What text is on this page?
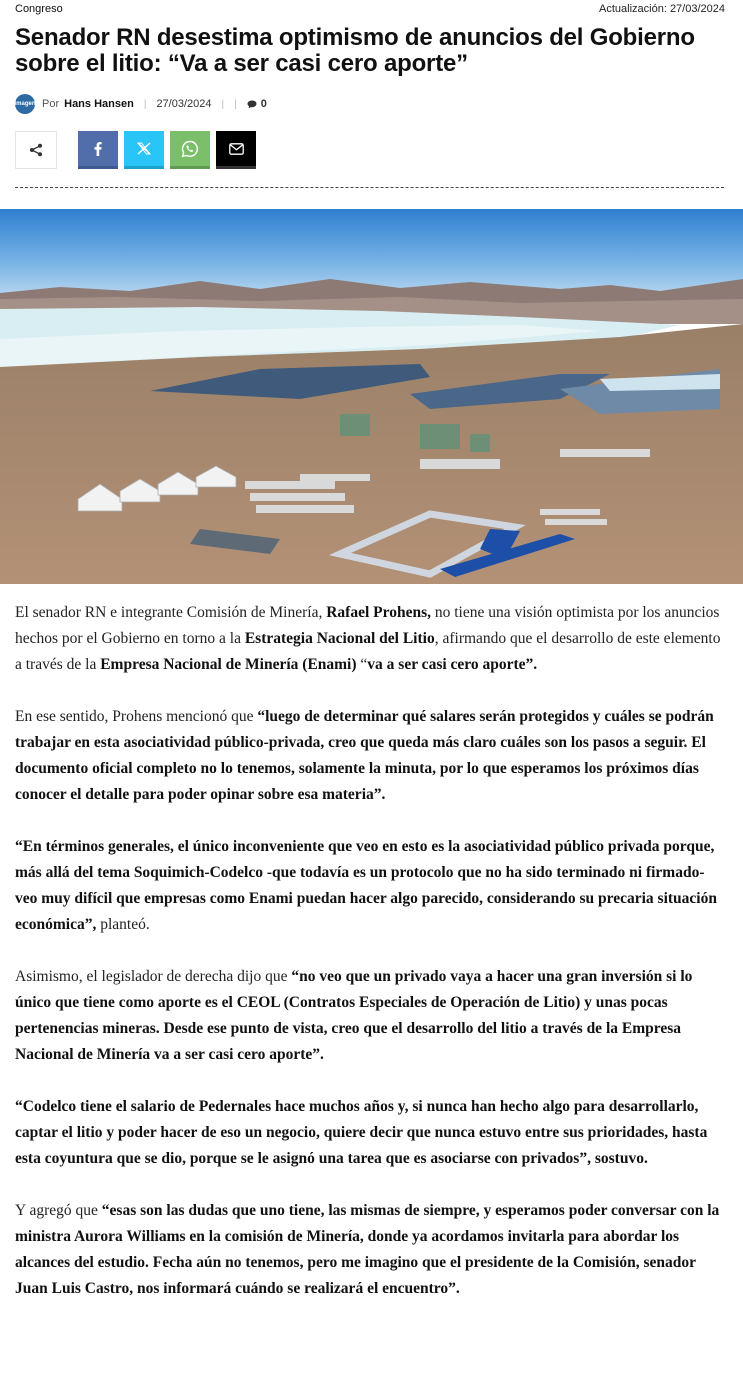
Congreso	Actualización: 27/03/2024
Senador RN desestima optimismo de anuncios del Gobierno sobre el litio: “Va a ser casi cero aporte”
Imagen Por Hans Hansen | 27/03/2024 | | 0

El senador RN e integrante Comisión de Minería, Rafael Prohens, no tiene una visión optimista por los anuncios hechos por el Gobierno en torno a la Estrategia Nacional del Litio, afirmando que el desarrollo de este elemento a través de la Empresa Nacional de Minería (Enami) “va a ser casi cero aporte”.

En ese sentido, Prohens mencionó que “luego de determinar qué salares serán protegidos y cuáles se podrán trabajar en esta asociatividad público-privada, creo que queda más claro cuáles son los pasos a seguir. El documento oficial completo no lo tenemos, solamente la minuta, por lo que esperamos los próximos días conocer el detalle para poder opinar sobre esa materia”.

“En términos generales, el único inconveniente que veo en esto es la asociatividad público privada porque, más allá del tema Soquimich-Codelco -que todavía es un protocolo que no ha sido terminado ni firmado- veo muy difícil que empresas como Enami puedan hacer algo parecido, considerando su precaria situación económica”, planteó.

Asimismo, el legislador de derecha dijo que “no veo que un privado vaya a hacer una gran inversión si lo único que tiene como aporte es el CEOL (Contratos Especiales de Operación de Litio) y unas pocas pertenencias mineras. Desde ese punto de vista, creo que el desarrollo del litio a través de la Empresa Nacional de Minería va a ser casi cero aporte”.

“Codelco tiene el salario de Pedernales hace muchos años y, si nunca han hecho algo para desarrollarlo, captar el litio y poder hacer de eso un negocio, quiere decir que nunca estuvo entre sus prioridades, hasta esta coyuntura que se dio, porque se le asignó una tarea que es asociarse con privados”, sostuvo.

Y agregó que “esas son las dudas que uno tiene, las mismas de siempre, y esperamos poder conversar con la ministra Aurora Williams en la comisión de Minería, donde ya acordamos invitarla para abordar los alcances del estudio. Fecha aún no tenemos, pero me imagino que el presidente de la Comisión, senador Juan Luis Castro, nos informará cuándo se realizará el encuentro”.
